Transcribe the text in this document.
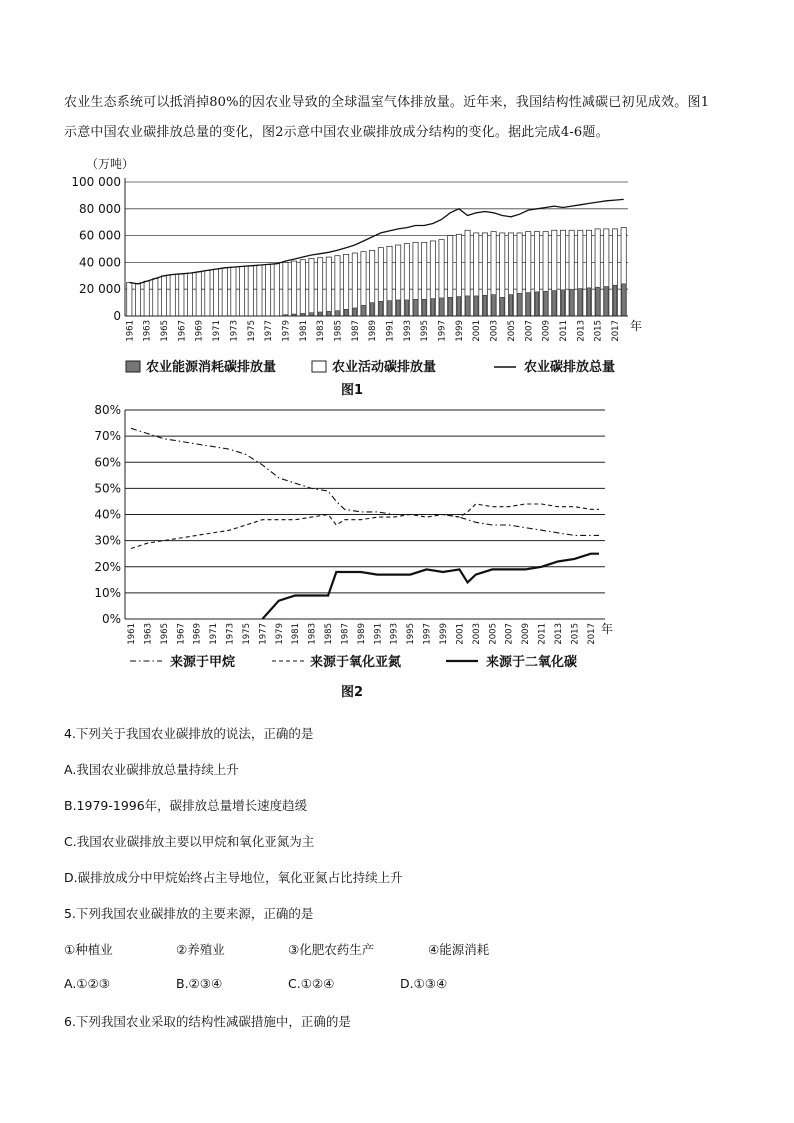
农业生态系统可以抵消掉80%的因农业导致的全球温室气体排放量。近年来，我国结构性减碳已初见成效。图1
示意中国农业碳排放总量的变化，图2示意中国农业碳排放成分结构的变化。据此完成4-6题。
（万吨）
100 000
80 000
60 000
40 000
20 000
0
1961 1963 1965 1967 1969 1971 1973 1975 1977 1979 1981 1983 1985 1987 1989 1991 1993 1995 1997 1999 2001 2003 2005 2007 2009 2011 2013 2015 2017 年
农业能源消耗碳排放量	农业活动碳排放量	农业碳排放总量
图1
80%
70%
60%
50%
40%
30%
20%
10%
0%
1961 1963 1965 1967 1969 1971 1973 1975 1977 1979 1981 1983 1985 1987 1989 1991 1993 1995 1997 1999 2001 2003 2005 2007 2009 2011 2013 2015 2017 年
来源于甲烷	来源于氧化亚氮	来源于二氧化碳
图2
4.下列关于我国农业碳排放的说法，正确的是
A.我国农业碳排放总量持续上升
B.1979-1996年，碳排放总量增长速度趋缓
C.我国农业碳排放主要以甲烷和氧化亚氮为主
D.碳排放成分中甲烷始终占主导地位，氧化亚氮占比持续上升
5.下列我国农业碳排放的主要来源，正确的是
①种植业	②养殖业	③化肥农药生产	④能源消耗
A.①②③	B.②③④	C.①②④	D.①③④
6.下列我国农业采取的结构性减碳措施中，正确的是
